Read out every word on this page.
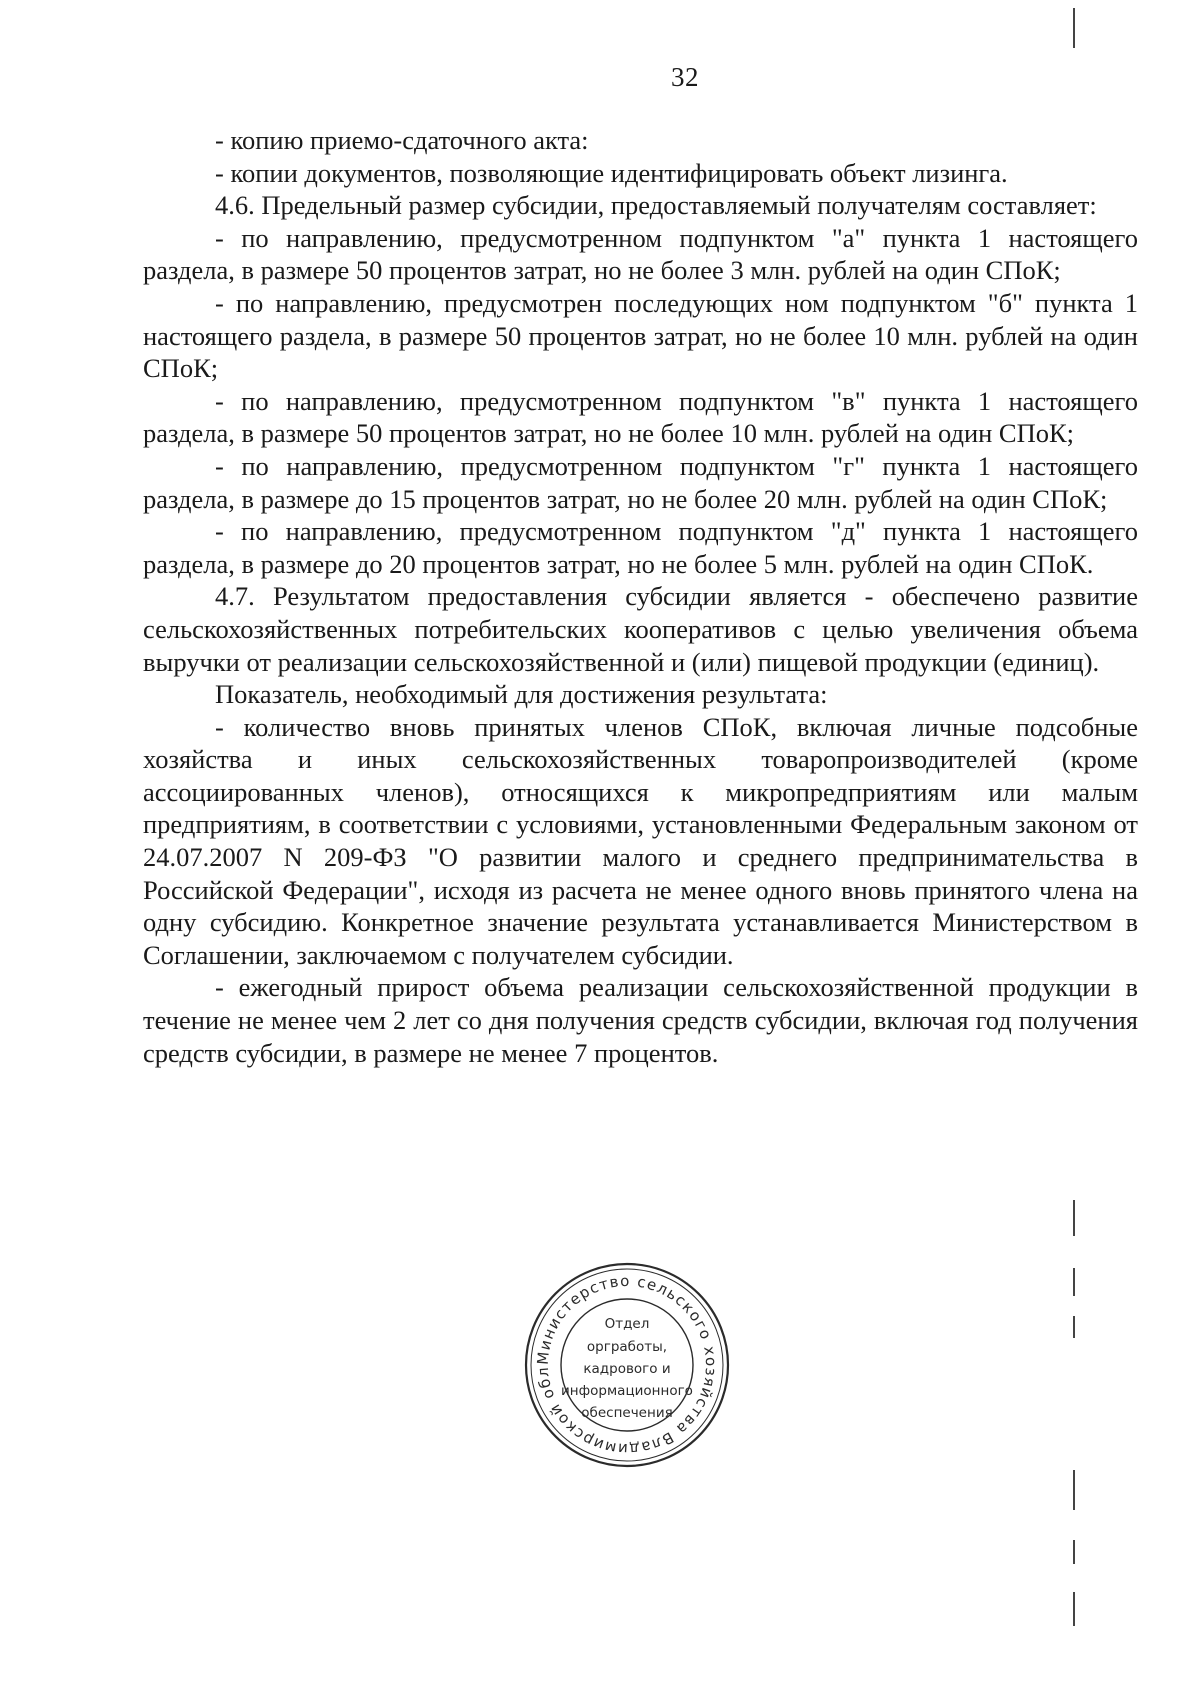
32

- копию приемо-сдаточного акта:

- копии документов, позволяющие идентифицировать объект лизинга.

4.6. Предельный размер субсидии, предоставляемый получателям составляет:

- по направлению, предусмотренном подпунктом "а" пункта 1 настоящего раздела, в размере 50 процентов затрат, но не более 3 млн. рублей на один СПоК;

- по направлению, предусмотрен последующих ном подпунктом "б" пункта 1 настоящего раздела, в размере 50 процентов затрат, но не более 10 млн. рублей на один СПоК;

- по направлению, предусмотренном подпунктом "в" пункта 1 настоящего раздела, в размере 50 процентов затрат, но не более 10 млн. рублей на один СПоК;

- по направлению, предусмотренном подпунктом "г" пункта 1 настоящего раздела, в размере до 15 процентов затрат, но не более 20 млн. рублей на один СПоК;

- по направлению, предусмотренном подпунктом "д" пункта 1 настоящего раздела, в размере до 20 процентов затрат, но не более 5 млн. рублей на один СПоК.

4.7. Результатом предоставления субсидии является - обеспечено развитие сельскохозяйственных потребительских кооперативов с целью увеличения объема выручки от реализации сельскохозяйственной и (или) пищевой продукции (единиц).

Показатель, необходимый для достижения результата:

- количество вновь принятых членов СПоК, включая личные подсобные хозяйства и иных сельскохозяйственных товаропроизводителей (кроме ассоциированных членов), относящихся к микропредприятиям или малым предприятиям, в соответствии с условиями, установленными Федеральным законом от 24.07.2007 N 209-ФЗ "О развитии малого и среднего предпринимательства в Российской Федерации", исходя из расчета не менее одного вновь принятого члена на одну субсидию. Конкретное значение результата устанавливается Министерством в Соглашении, заключаемом с получателем субсидии.

- ежегодный прирост объема реализации сельскохозяйственной продукции в течение не менее чем 2 лет со дня получения средств субсидии, включая год получения средств субсидии, в размере не менее 7 процентов.

Министерство сельского хозяйства Владимирской обл
Отдел
оргработы,
кадрового и
информационного
обеспечения
